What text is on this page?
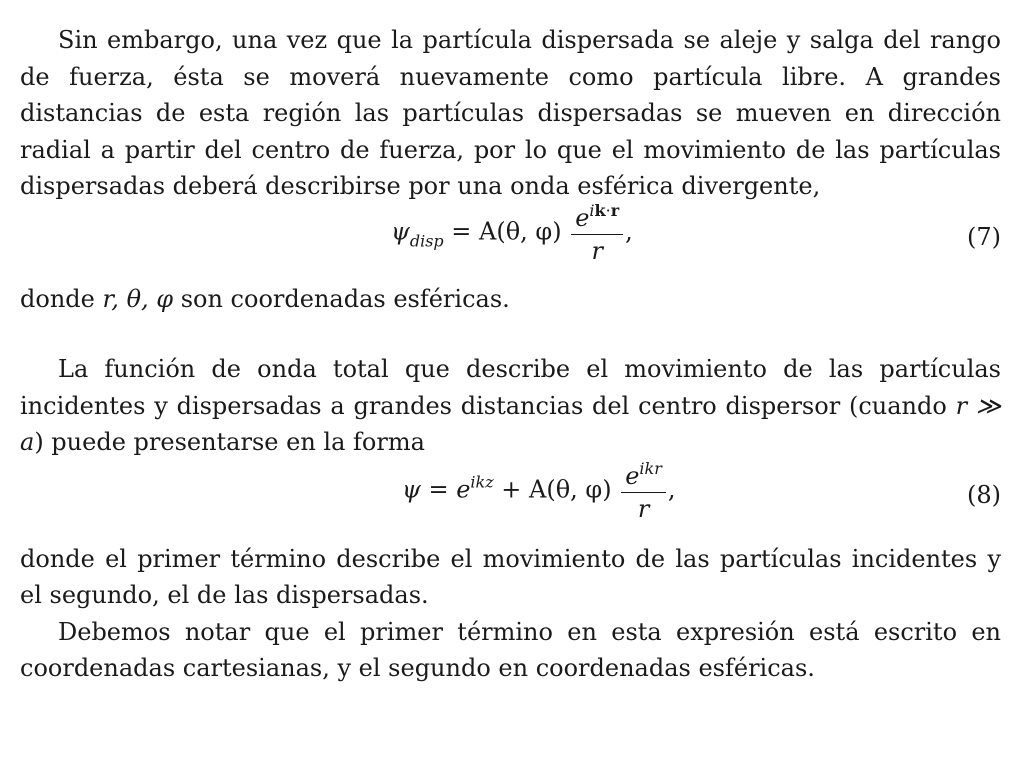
Sin embargo, una vez que la partícula dispersada se aleje y salga del rango de fuerza, ésta se moverá nuevamente como partícula libre. A grandes distancias de esta región las partículas dispersadas se mueven en dirección radial a partir del centro de fuerza, por lo que el movimiento de las partículas dispersadas deberá describirse por una onda esférica divergente,

$\psi_{disp} = A(\theta$, $\varphi) \frac{e^{ik\cdot r}}{r}$ ,	(7)

donde r, θ, φ son coordenadas esféricas.

La función de onda total que describe el movimiento de las partículas incidentes y dispersadas a grandes distancias del centro dispersor (cuando r ≫ a) puede presentarse en la forma

$\psi = e^{ikz} + A(\theta$, $\varphi) \frac{e^{ikr}}{r}$ ,	(8)

donde el primer término describe el movimiento de las partículas incidentes y el segundo, el de las dispersadas.

Debemos notar que el primer término en esta expresión está escrito en coordenadas cartesianas, y el segundo en coordenadas esféricas.
